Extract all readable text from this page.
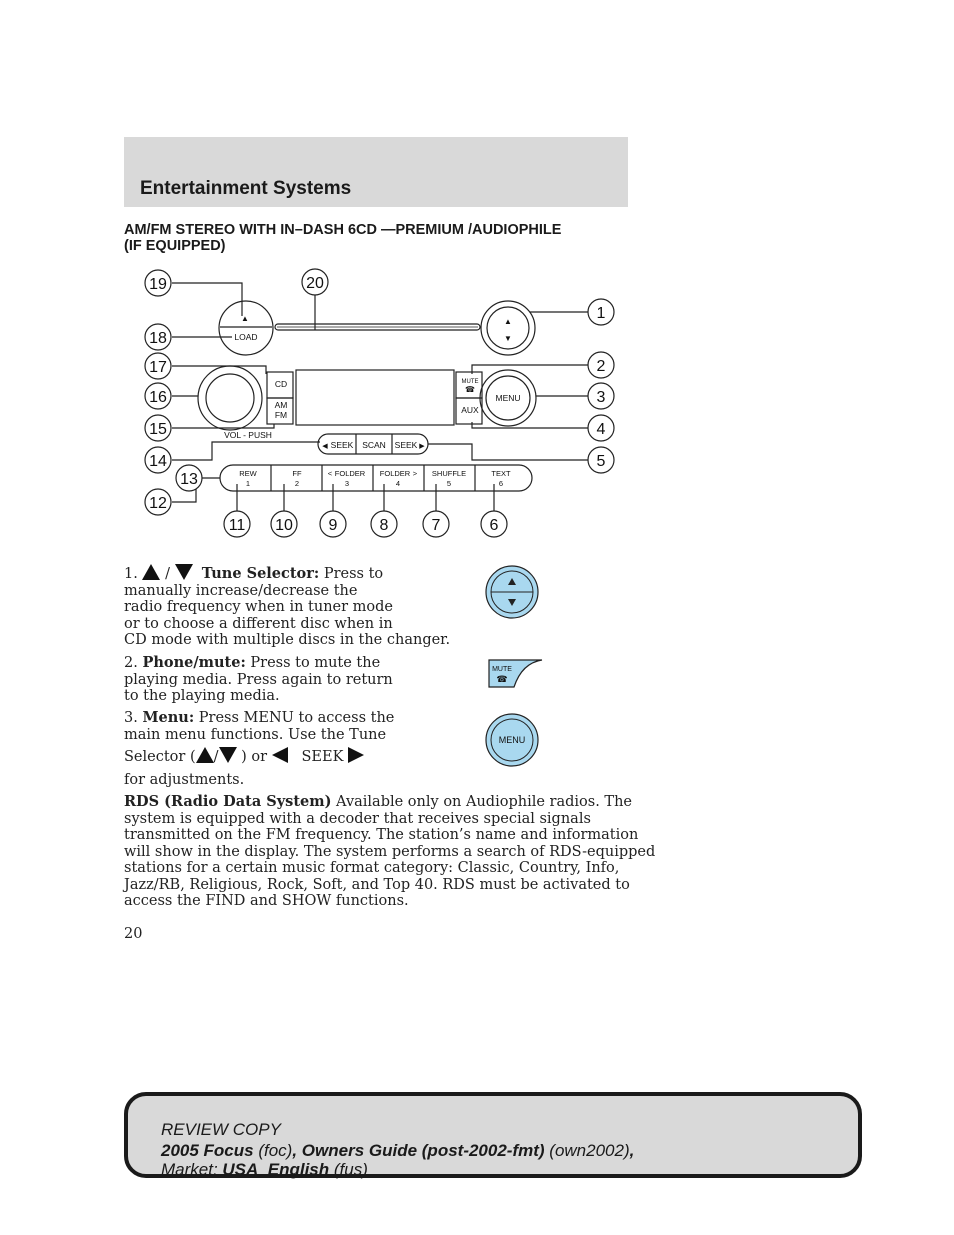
Entertainment Systems
AM/FM STEREO WITH IN–DASH 6CD —PREMIUM /AUDIOPHILE
(IF EQUIPPED)
19	20
1
18
2
17
3
16
4
15
5
14
13
12
11 10 9	8	7	6
▲
LOAD
▲
▼
CD
AM
FM
VOL - PUSH
MUTE
☎
MENU
AUX
◀ SEEK SCAN SEEK ▶
REW
1
FF
2
< FOLDER
3
FOLDER >
4
SHUFFLE
5
TEXT
6
1. / Tune Selector: Press to
manually increase/decrease the
radio frequency when in tuner mode
or to choose a different disc when in
CD mode with multiple discs in the changer.
2. Phone/mute: Press to mute the
playing media. Press again to return
to the playing media.
MUTE
☎
3. Menu: Press MENU to access the
main menu functions. Use the Tune
Selector ( / ) or SEEK
for adjustments.
MENU
RDS (Radio Data System) Available only on Audiophile radios. The
system is equipped with a decoder that receives special signals
transmitted on the FM frequency. The station’s name and information
will show in the display. The system performs a search of RDS-equipped
stations for a certain music format category: Classic, Country, Info,
Jazz/RB, Religious, Rock, Soft, and Top 40. RDS must be activated to
access the FIND and SHOW functions.
20
REVIEW COPY
2005 Focus (foc), Owners Guide (post-2002-fmt) (own2002),
Market: USA_English (fus)
